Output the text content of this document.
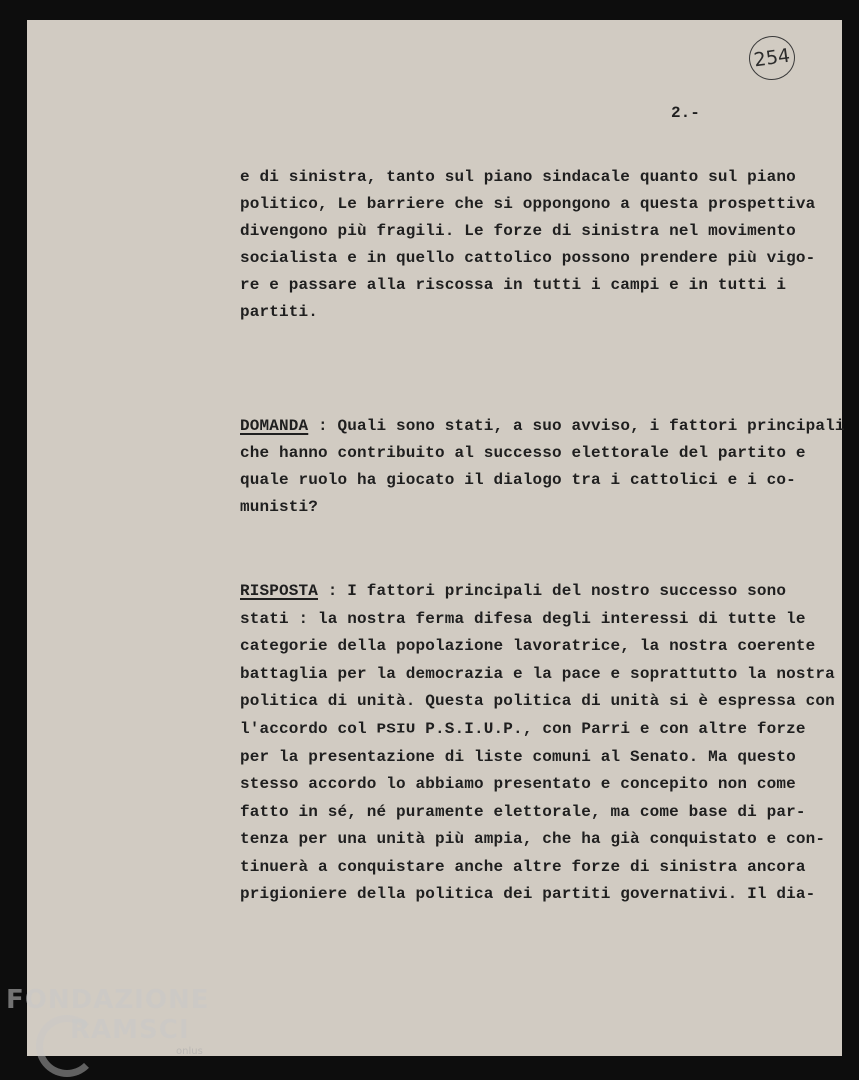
254
2.-
e di sinistra, tanto sul piano sindacale quanto sul piano
politico, Le barriere che si oppongono a questa prospettiva
divengono più fragili. Le forze di sinistra nel movimento
socialista e in quello cattolico possono prendere più vigo-
re e passare alla riscossa in tutti i campi e in tutti i
partiti.
DOMANDA : Quali sono stati, a suo avviso, i fattori principali
che hanno contribuito al successo elettorale del partito e
quale ruolo ha giocato il dialogo tra i cattolici e i co-
munisti?
RISPOSTA : I fattori principali del nostro successo sono
stati : la nostra ferma difesa degli interessi di tutte le
categorie della popolazione lavoratrice, la nostra coerente
battaglia per la democrazia e la pace e soprattutto la nostra
politica di unità. Questa politica di unità si è espressa con
l'accordo col PSIU P.S.I.U.P., con Parri e con altre forze
per la presentazione di liste comuni al Senato. Ma questo
stesso accordo lo abbiamo presentato e concepito non come
fatto in sé, né puramente elettorale, ma come base di par-
tenza per una unità più ampia, che ha già conquistato e con-
tinuerà a conquistare anche altre forze di sinistra ancora
prigioniere della politica dei partiti governativi. Il dia-
FONDAZIONE
RAMSCI
onlus
